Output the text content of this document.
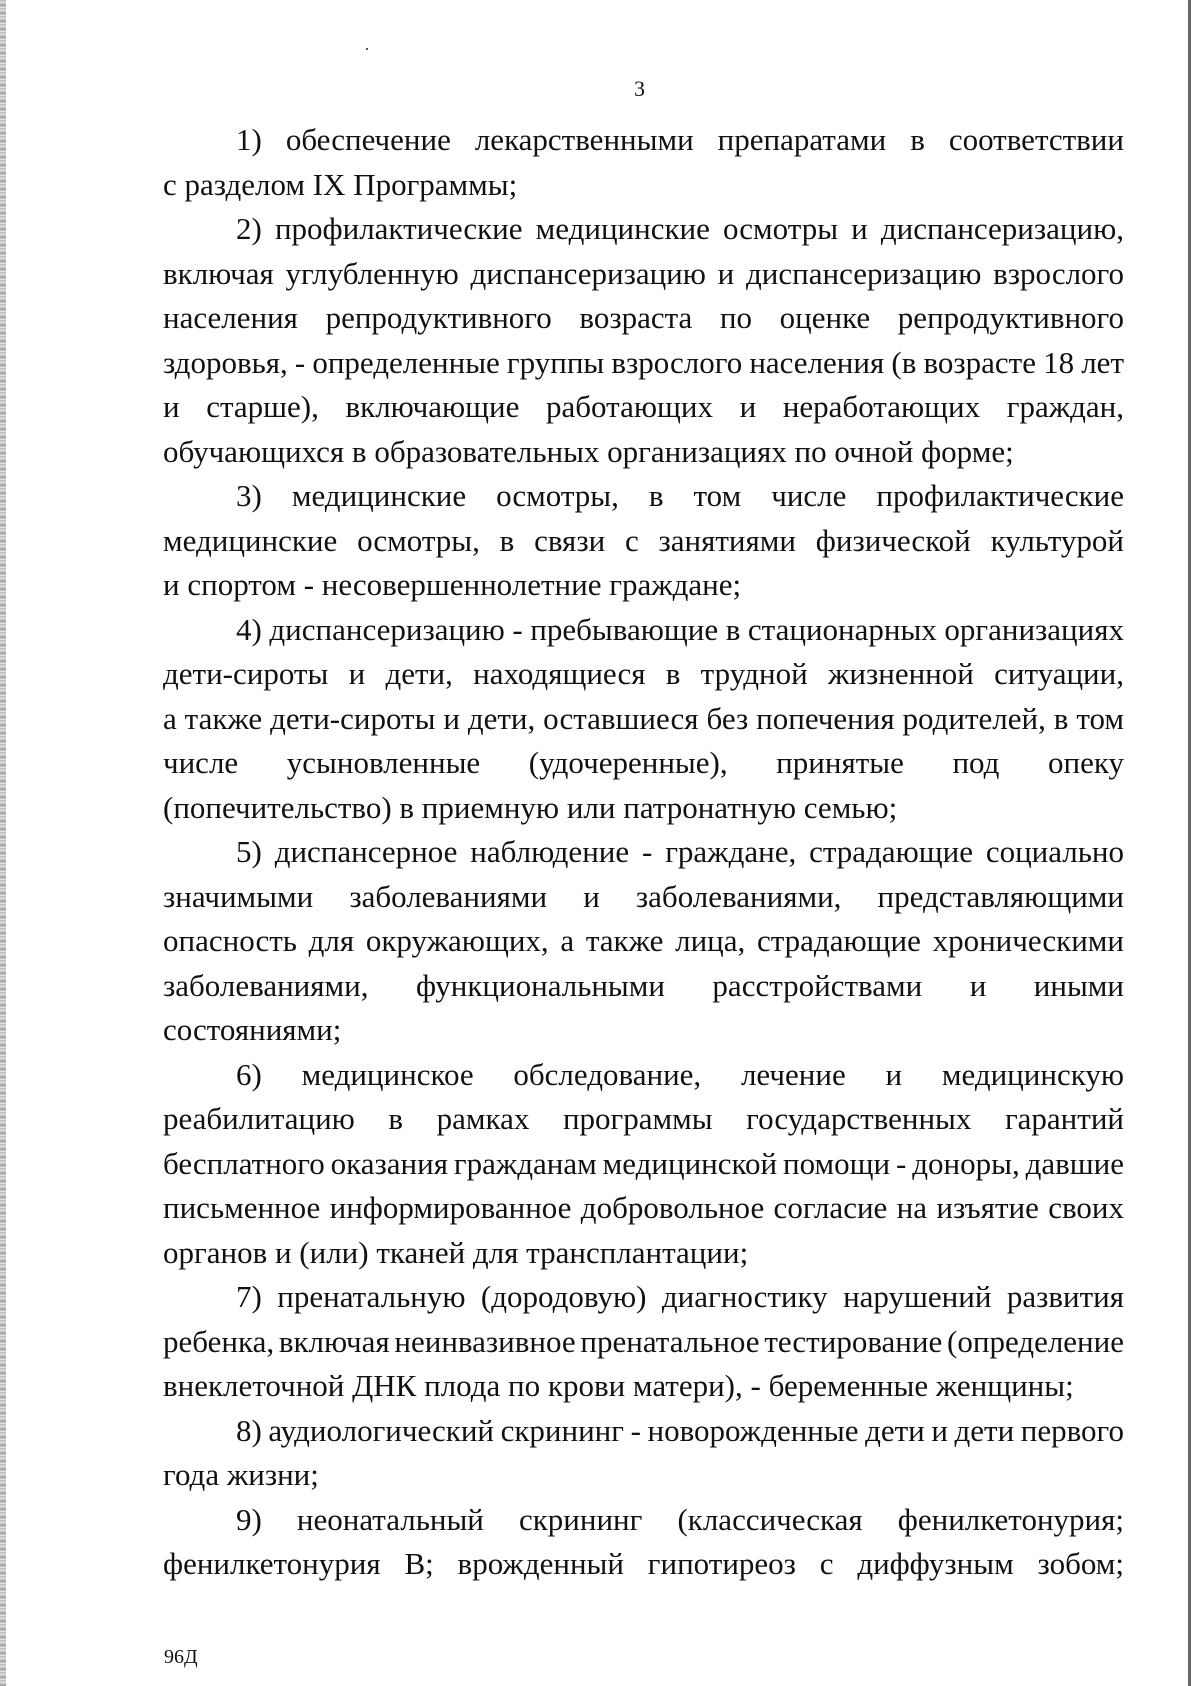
3
1) обеспечение лекарственными препаратами в соответствии
с разделом IX Программы;
2) профилактические медицинские осмотры и диспансеризацию,
включая углубленную диспансеризацию и диспансеризацию взрослого
населения репродуктивного возраста по оценке репродуктивного
здоровья, - определенные группы взрослого населения (в возрасте 18 лет
и старше), включающие работающих и неработающих граждан,
обучающихся в образовательных организациях по очной форме;
3) медицинские осмотры, в том числе профилактические
медицинские осмотры, в связи с занятиями физической культурой
и спортом - несовершеннолетние граждане;
4) диспансеризацию - пребывающие в стационарных организациях
дети-сироты и дети, находящиеся в трудной жизненной ситуации,
а также дети-сироты и дети, оставшиеся без попечения родителей, в том
числе усыновленные (удочеренные), принятые под опеку
(попечительство) в приемную или патронатную семью;
5) диспансерное наблюдение - граждане, страдающие социально
значимыми заболеваниями и заболеваниями, представляющими
опасность для окружающих, а также лица, страдающие хроническими
заболеваниями, функциональными расстройствами и иными
состояниями;
6) медицинское обследование, лечение и медицинскую
реабилитацию в рамках программы государственных гарантий
бесплатного оказания гражданам медицинской помощи - доноры, давшие
письменное информированное добровольное согласие на изъятие своих
органов и (или) тканей для трансплантации;
7) пренатальную (дородовую) диагностику нарушений развития
ребенка, включая неинвазивное пренатальное тестирование (определение
внеклеточной ДНК плода по крови матери), - беременные женщины;
8) аудиологический скрининг - новорожденные дети и дети первого
года жизни;
9) неонатальный скрининг (классическая фенилкетонурия;
фенилкетонурия B; врожденный гипотиреоз с диффузным зобом;
96Д
